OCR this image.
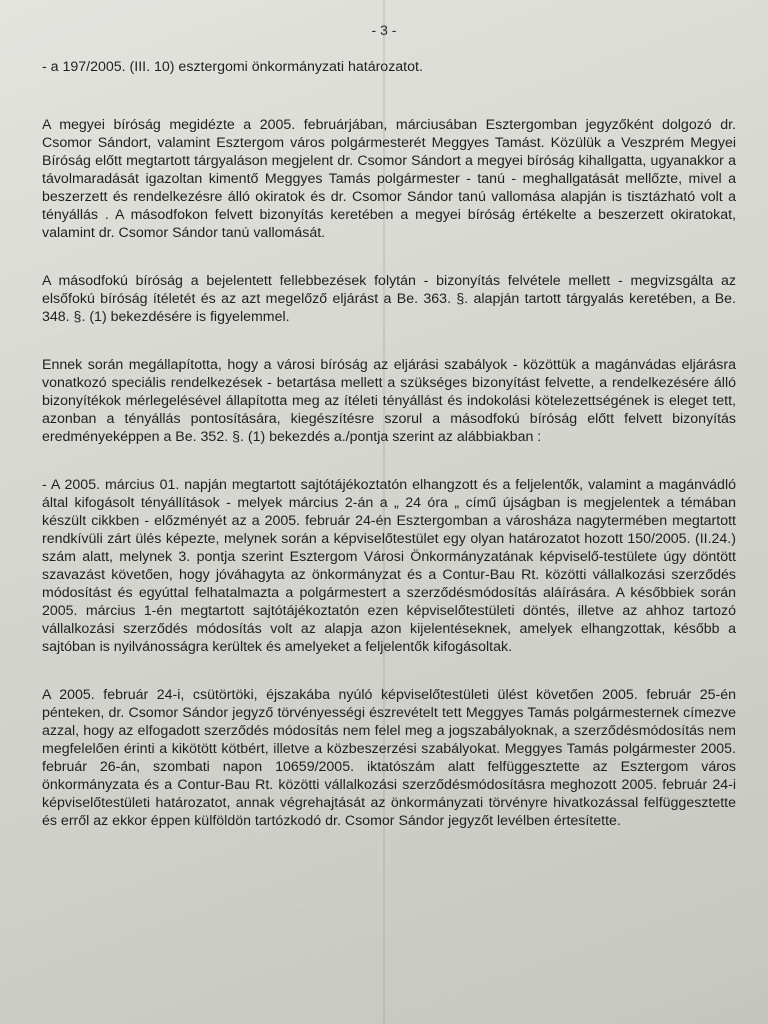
- 3 -

- a 197/2005. (III. 10) esztergomi önkormányzati határozatot.

A megyei bíróság megidézte a 2005. februárjában, márciusában Esztergomban jegyzőként dolgozó dr. Csomor Sándort, valamint Esztergom város polgármesterét Meggyes Tamást. Közülük a Veszprém Megyei Bíróság előtt megtartott tárgyaláson megjelent dr. Csomor Sándort a megyei bíróság kihallgatta, ugyanakkor a távolmaradását igazoltan kimentő Meggyes Tamás polgármester - tanú - meghallgatását mellőzte, mivel a beszerzett és rendelkezésre álló okiratok és dr. Csomor Sándor tanú vallomása alapján is tisztázható volt a tényállás . A másodfokon felvett bizonyítás keretében a megyei bíróság értékelte a beszerzett okiratokat, valamint dr. Csomor Sándor tanú vallomását.

A másodfokú bíróság a bejelentett fellebbezések folytán - bizonyítás felvétele mellett - megvizsgálta az elsőfokú bíróság ítéletét és az azt megelőző eljárást a Be. 363. §. alapján tartott tárgyalás keretében, a Be. 348. §. (1) bekezdésére is figyelemmel.

Ennek során megállapította, hogy a városi bíróság az eljárási szabályok - közöttük a magánvádas eljárásra vonatkozó speciális rendelkezések - betartása mellett a szükséges bizonyítást felvette, a rendelkezésére álló bizonyítékok mérlegelésével állapította meg az ítéleti tényállást és indokolási kötelezettségének is eleget tett, azonban a tényállás pontosítására, kiegészítésre szorul a másodfokú bíróság előtt felvett bizonyítás eredményeképpen a Be. 352. §. (1) bekezdés a./pontja szerint az alábbiakban :

- A 2005. március 01. napján megtartott sajtótájékoztatón elhangzott és a feljelentők, valamint a magánvádló által kifogásolt tényállítások - melyek március 2-án a „ 24 óra „ című újságban is megjelentek a témában készült cikkben - előzményét az a 2005. február 24-én Esztergomban a városháza nagytermében megtartott rendkívüli zárt ülés képezte, melynek során a képviselőtestület egy olyan határozatot hozott 150/2005. (II.24.) szám alatt, melynek 3. pontja szerint Esztergom Városi Önkormányzatának képviselő-testülete úgy döntött szavazást követően, hogy jóváhagyta az önkormányzat és a Contur-Bau Rt. közötti vállalkozási szerződés módosítást és egyúttal felhatalmazta a polgármestert a szerződésmódosítás aláírására. A későbbiek során 2005. március 1-én megtartott sajtótájékoztatón ezen képviselőtestületi döntés, illetve az ahhoz tartozó vállalkozási szerződés módosítás volt az alapja azon kijelentéseknek, amelyek elhangzottak, később a sajtóban is nyilvánosságra kerültek és amelyeket a feljelentők kifogásoltak.

A 2005. február 24-i, csütörtöki, éjszakába nyúló képviselőtestületi ülést követően 2005. február 25-én pénteken, dr. Csomor Sándor jegyző törvényességi észrevételt tett Meggyes Tamás polgármesternek címezve azzal, hogy az elfogadott szerződés módosítás nem felel meg a jogszabályoknak, a szerződésmódosítás nem megfelelően érinti a kikötött kötbért, illetve a közbeszerzési szabályokat. Meggyes Tamás polgármester 2005. február 26-án, szombati napon 10659/2005. iktatószám alatt felfüggesztette az Esztergom város önkormányzata és a Contur-Bau Rt. közötti vállalkozási szerződésmódosításra meghozott 2005. február 24-i képviselőtestületi határozatot, annak végrehajtását az önkormányzati törvényre hivatkozással felfüggesztette és erről az ekkor éppen külföldön tartózkodó dr. Csomor Sándor jegyzőt levélben értesítette.
